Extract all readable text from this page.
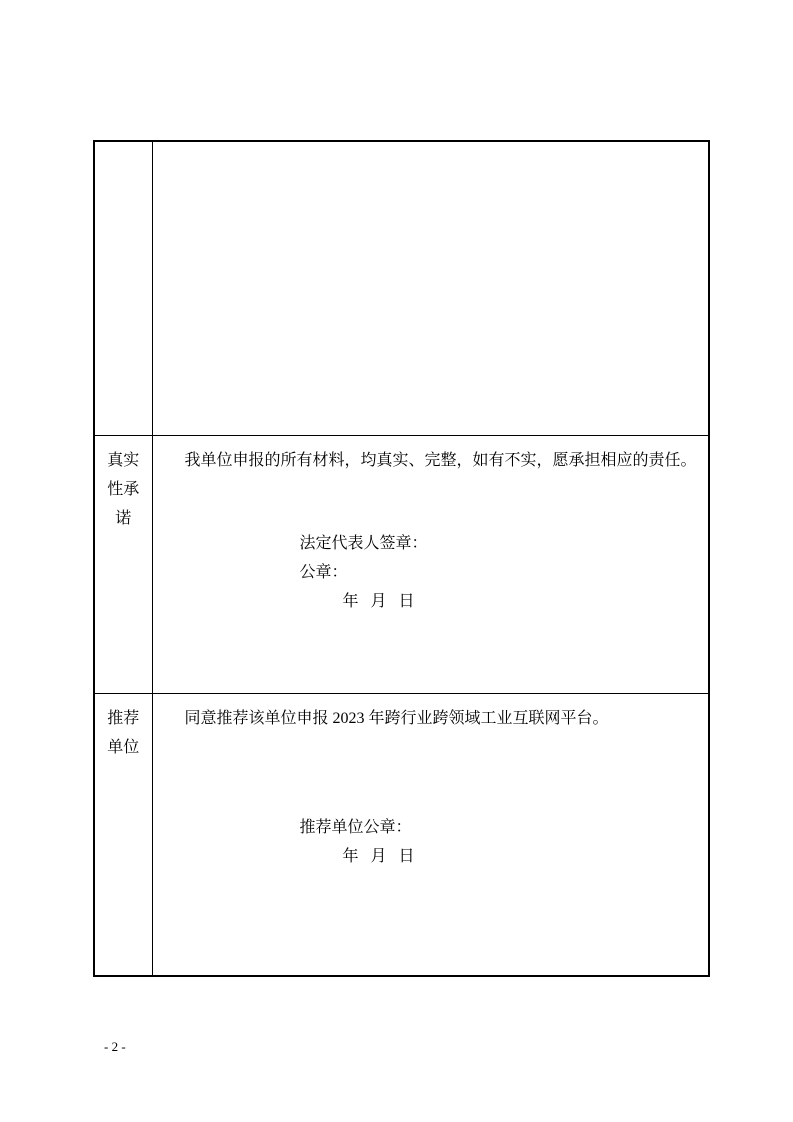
真实
性承
诺

我单位申报的所有材料，均真实、完整，如有不实，愿承担相应的责任。

法定代表人签章：

公章：

年   月   日

推荐
单位

同意推荐该单位申报 2023 年跨行业跨领域工业互联网平台。

推荐单位公章：

年   月   日

- 2 -
